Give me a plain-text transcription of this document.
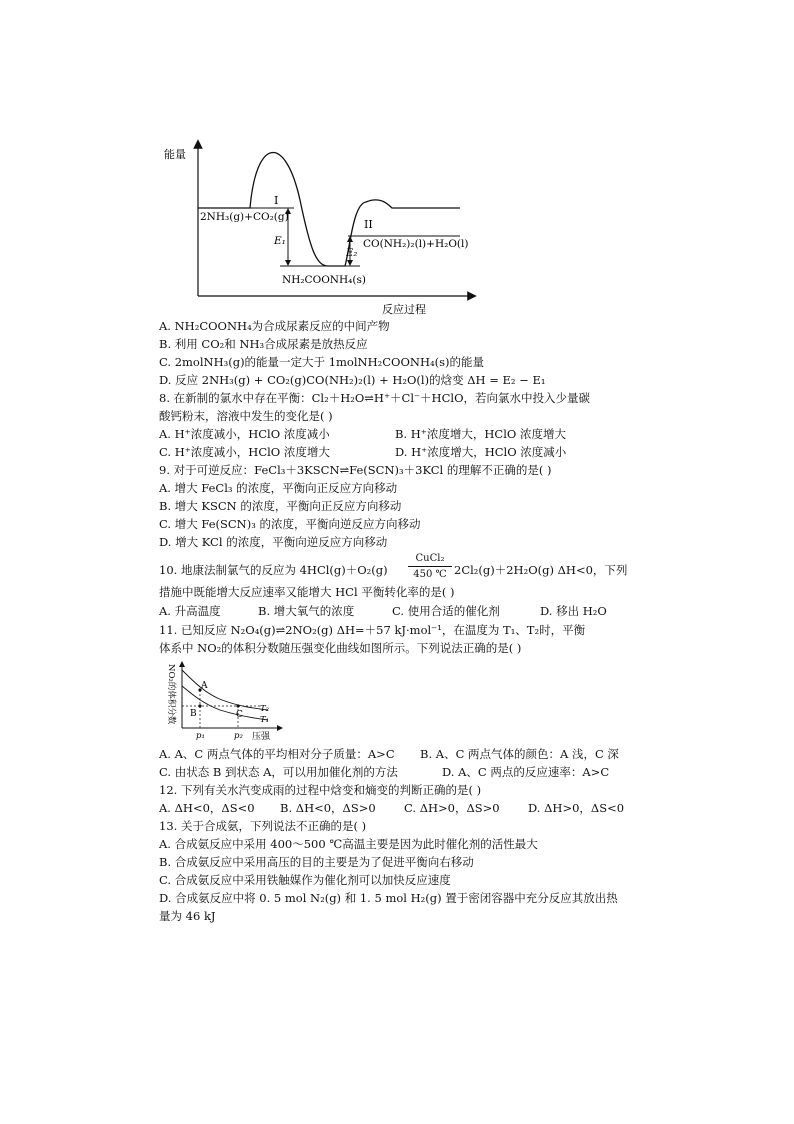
能量
反应过程
I
II
2NH₃(g)+CO₂(g)
E₁
E₂
CO(NH₂)₂(l)+H₂O(l)
NH₂COONH₄(s)
A. NH₂COONH₄为合成尿素反应的中间产物
B. 利用 CO₂和 NH₃合成尿素是放热反应
C. 2molNH₃(g)的能量一定大于 1molNH₂COONH₄(s)的能量
D. 反应 2NH₃(g) + CO₂(g)CO(NH₂)₂(l) + H₂O(l)的焓变 ΔH = E₂ − E₁
8. 在新制的氯水中存在平衡：Cl₂＋H₂O⇌H⁺＋Cl⁻＋HClO，若向氯水中投入少量碳
酸钙粉末，溶液中发生的变化是( )
A. H⁺浓度减小，HClO 浓度减小	B. H⁺浓度增大，HClO 浓度增大
C. H⁺浓度减小，HClO 浓度增大	D. H⁺浓度增大，HClO 浓度减小
9. 对于可逆反应：FeCl₃＋3KSCN⇌Fe(SCN)₃＋3KCl 的理解不正确的是( )
A. 增大 FeCl₃ 的浓度，平衡向正反应方向移动
B. 增大 KSCN 的浓度，平衡向正反应方向移动
C. 增大 Fe(SCN)₃ 的浓度，平衡向逆反应方向移动
D. 增大 KCl 的浓度，平衡向逆反应方向移动
10. 地康法制氯气的反应为 4HCl(g)＋O₂(g)
CuCl₂
450 ℃ 2Cl₂(g)＋2H₂O(g) ΔH<0，下列
措施中既能增大反应速率又能增大 HCl 平衡转化率的是( )
A. 升高温度	B. 增大氧气的浓度	C. 使用合适的催化剂	D. 移出 H₂O
11. 已知反应 N₂O₄(g)⇌2NO₂(g) ΔH=＋57 kJ·mol⁻¹，在温度为 T₁、T₂时，平衡
体系中 NO₂的体积分数随压强变化曲线如图所示。下列说法正确的是( )
NO₂的体积分数	A
B	C
T₂
T₁
p₁	p₂ 压强
A. A、C 两点气体的平均相对分子质量：A>C B. A、C 两点气体的颜色：A 浅，C 深
C. 由状态 B 到状态 A，可以用加催化剂的方法	D. A、C 两点的反应速率：A>C
12. 下列有关水汽变成雨的过程中焓变和熵变的判断正确的是( )
A. ΔH<0，ΔS<0 B. ΔH<0，ΔS>0 C. ΔH>0，ΔS>0 D. ΔH>0，ΔS<0
13. 关于合成氨，下列说法不正确的是( )
A. 合成氨反应中采用 400～500 ℃高温主要是因为此时催化剂的活性最大
B. 合成氨反应中采用高压的目的主要是为了促进平衡向右移动
C. 合成氨反应中采用铁触媒作为催化剂可以加快反应速度
D. 合成氨反应中将 0. 5 mol N₂(g) 和 1. 5 mol H₂(g) 置于密闭容器中充分反应其放出热
量为 46 kJ
